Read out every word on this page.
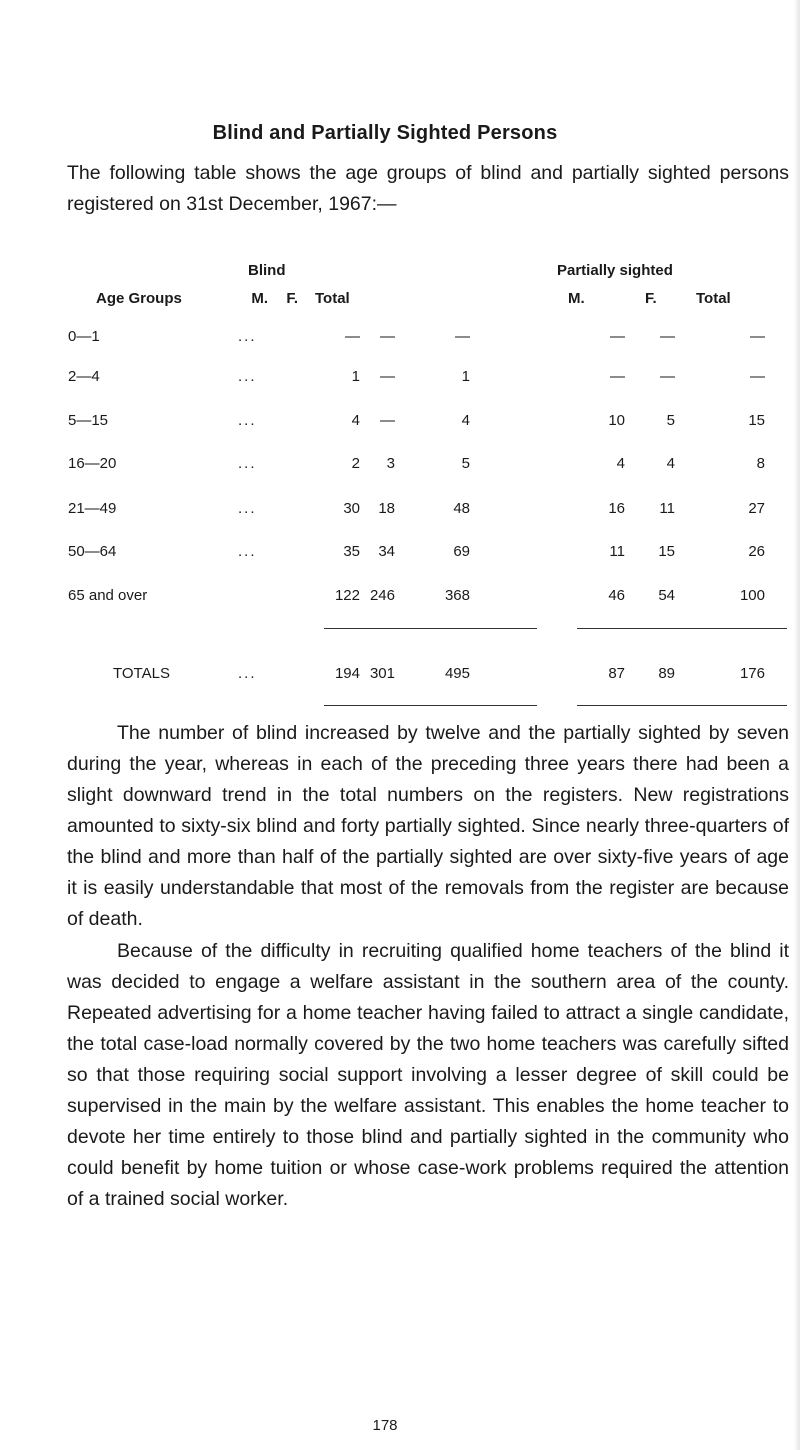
Blind and Partially Sighted Persons
The following table shows the age groups of blind and partially sighted persons registered on 31st December, 1967:—
Blind	Partially sighted
Age Groups	M.	F. Total	M.	F.	Total
0—1	...	—	—	—	—	—	—
2—4	...	1	—	1	—	—	—
5—15	...	4	—	4	10	5	15
16—20	...	2	3	5	4	4	8
21—49	...	30	18	48	16	11	27
50—64	...	35	34	69	11	15	26
65 and over	122 246	368	46	54	100
TOTALS	...	194 301	495	87	89	176

The number of blind increased by twelve and the partially sighted by seven during the year, whereas in each of the preceding three years there had been a slight downward trend in the total numbers on the registers. New registrations amounted to sixty-six blind and forty partially sighted. Since nearly three-quarters of the blind and more than half of the partially sighted are over sixty-five years of age it is easily understandable that most of the removals from the register are because of death.

Because of the difficulty in recruiting qualified home teachers of the blind it was decided to engage a welfare assistant in the southern area of the county. Repeated advertising for a home teacher having failed to attract a single candidate, the total case-load normally covered by the two home teachers was carefully sifted so that those requiring social support involving a lesser degree of skill could be supervised in the main by the welfare assistant. This enables the home teacher to devote her time entirely to those blind and partially sighted in the community who could benefit by home tuition or whose case-work problems required the attention of a trained social worker.

178
